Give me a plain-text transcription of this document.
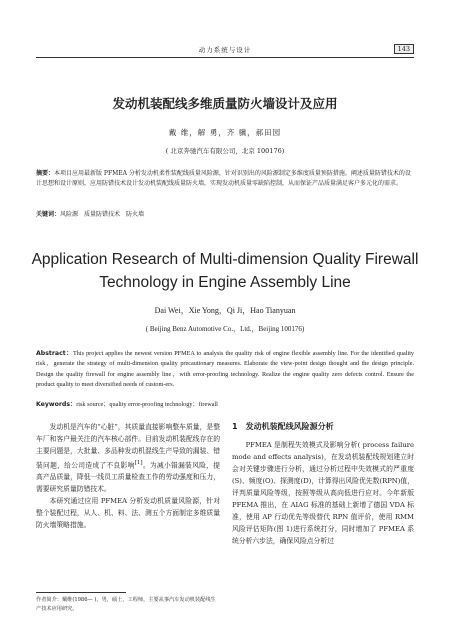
动力系统与设计	143
发动机装配线多维质量防火墙设计及应用
戴 维，解 勇，齐 骥，郝田园
( 北京奔驰汽车有限公司，北京 100176)
摘要：本项目应用最新版 PFMEA 分析发动机柔性装配线质量风险源，针对识别出的风险源制定多维度质量预防措施。阐述质量防错技术的设计思想和设计原则，应用防错技术设计发动机装配线质量防火墙，实现发动机质量零缺陷控制，从而保证产品质量满足客户多元化的需求。
关键词：风险源　质量防错技术　防火墙
Application Research of Multi-dimension Quality Firewall Technology in Engine Assembly Line
Dai Wei，Xie Yong，Qi Ji，Hao Tianyuan
( Beijing Benz Automotive Co.，Ltd.，Beijing 100176)
Abstract：This project applies the newest version PFMEA to analysis the quality risk of engine flexible assembly line. For the identified quality risk，generate the strategy of multi-dimension quality precautionary measures. Elaborate the view-point design thought and the design principle. Design the quality firewall for engine assembly line，with error-proofing technology. Realize the engine quality zero defects control. Ensure the product quality to meet diversified needs of custom-ers.
Keywords：risk source；quality error-proofing technology；firewall

发动机是汽车的“心脏”，其质量直接影响整车质量，是整车厂和客户最关注的汽车核心部件。目前发动机装配线存在的主要问题是，大批量、多品种发动机混线生产导致的漏装、错装问题，给公司造成了不良影响[1]。为减小错漏装风险，提高产品质量，降低一线员工质量检查工作的劳动强度和压力，需要研究质量防错技术。

本研究通过应用 PFMEA 分析发动机质量风险源，针对整个装配过程，从人、机、料、法、测五个方面制定多维质量防火墙策略措施。

1　发动机装配线风险源分析

PFMEA 是制程失效模式及影响分析( process failure mode and effects analysis)，在发动机装配线规划建立时会对关键步骤进行分析，通过分析过程中失效模式的严重度(S)、频度(O)、探测度(D)，计算得出风险优先数(RPN)值，评判质量风险等级，按照等级从高向低进行应对。今年新版 PFEMA 推出，在 AIAG 标准的基础上新增了德国 VDA 标准，使用 AP 行动优先等级替代 RPN 值评价，使用 RMM 风险评估矩阵(图 1)进行系统打分，同时增加了 PFMEA 系统分析六步法，确保风险点分析过

作者简介：戴维(1986— )，男，硕士，工程师，主要从事汽车发动机装配线生产技术应用研究。
